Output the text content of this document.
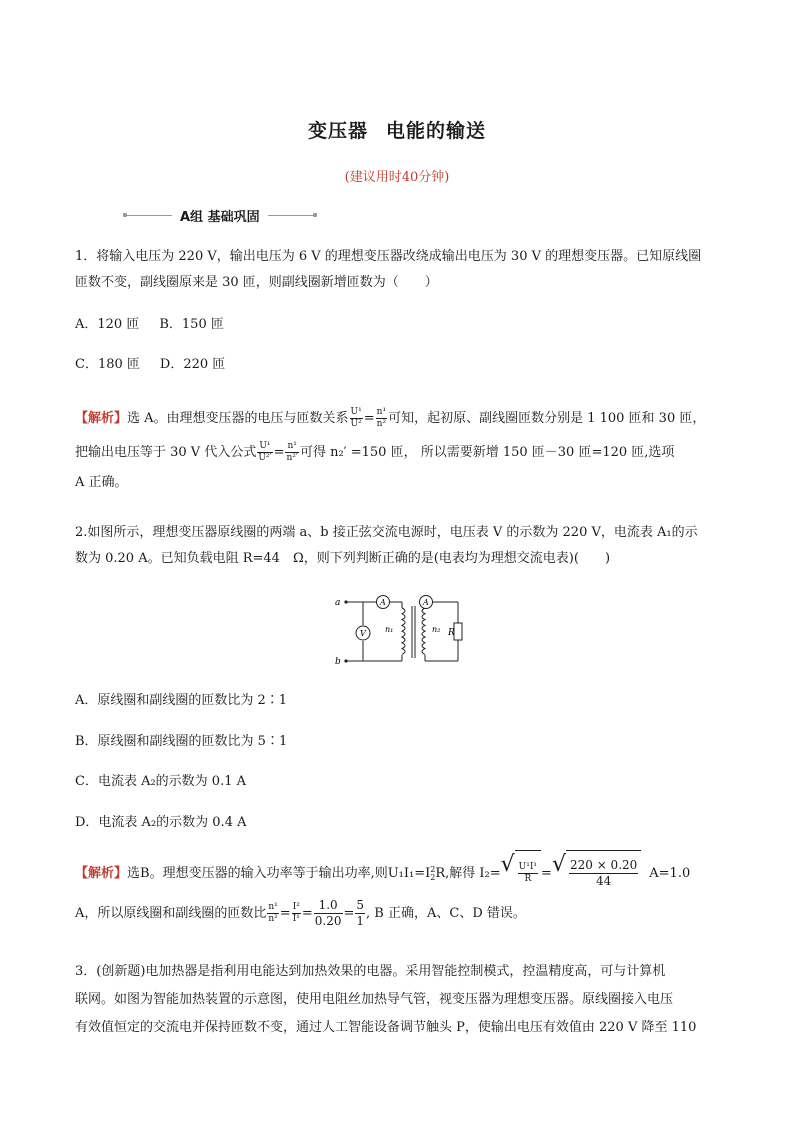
变压器 电能的输送
(建议用时40分钟)
A组 基础巩固
1．将输入电压为 220 V，输出电压为 6 V 的理想变压器改绕成输出电压为 30 V 的理想变压器。已知原线圈
匝数不变，副线圈原来是 30 匝，则副线圈新增匝数为（　　）
A．120 匝 B．150 匝
C．180 匝 D．220 匝
【解析】选 A。由理想变压器的电压与匝数关系 $\frac{\text{U¹}}{\text{U²}} = \frac{\text{n¹}}{\text{n²}}$ 可知，起初原、副线圈匝数分别是 1 100 匝和 30 匝，
把输出电压等于 30 V 代入公式 $\frac{\text{U¹}}{\text{U²′}} = \frac{\text{n¹}}{\text{n²′}}$ 可得 n₂′ =150 匝， 所以需要新增 150 匝－30 匝=120 匝,选项
A 正确。
2.如图所示，理想变压器原线圈的两端 a、b 接正弦交流电源时，电压表 V 的示数为 220 V，电流表 A₁的示
数为 0.20 A。已知负载电阻 R=44　Ω，则下列判断正确的是(电表均为理想交流电表)(　　)
a
b
V
A	A
n₁	n₂ R
A．原线圈和副线圈的匝数比为 2∶1
B．原线圈和副线圈的匝数比为 5∶1
C．电流表 A₂的示数为 0.1 A
D．电流表 A₂的示数为 0.4 A
【解析】选B。理想变压器的输入功率等于输出功率,则U₁I₁=I 2
2 R,解得 I₂= √ $\frac{\text{U¹I¹}}{R}$ = √ $\frac{220 \times 0.20}{44} A=1.0$
A，所以原线圈和副线圈的匝数比 $\frac{\text{n¹}}{\text{n²}} = \frac{\text{I²}}{\text{I¹}} = \frac{1.0}{0.20} = \frac{5}{1}$ , B 正确，A、C、D 错误。
3．(创新题)电加热器是指利用电能达到加热效果的电器。采用智能控制模式，控温精度高，可与计算机
联网。如图为智能加热装置的示意图，使用电阻丝加热导气管，视变压器为理想变压器。原线圈接入电压
有效值恒定的交流电并保持匝数不变，通过人工智能设备调节触头 P，使输出电压有效值由 220 V 降至 110
